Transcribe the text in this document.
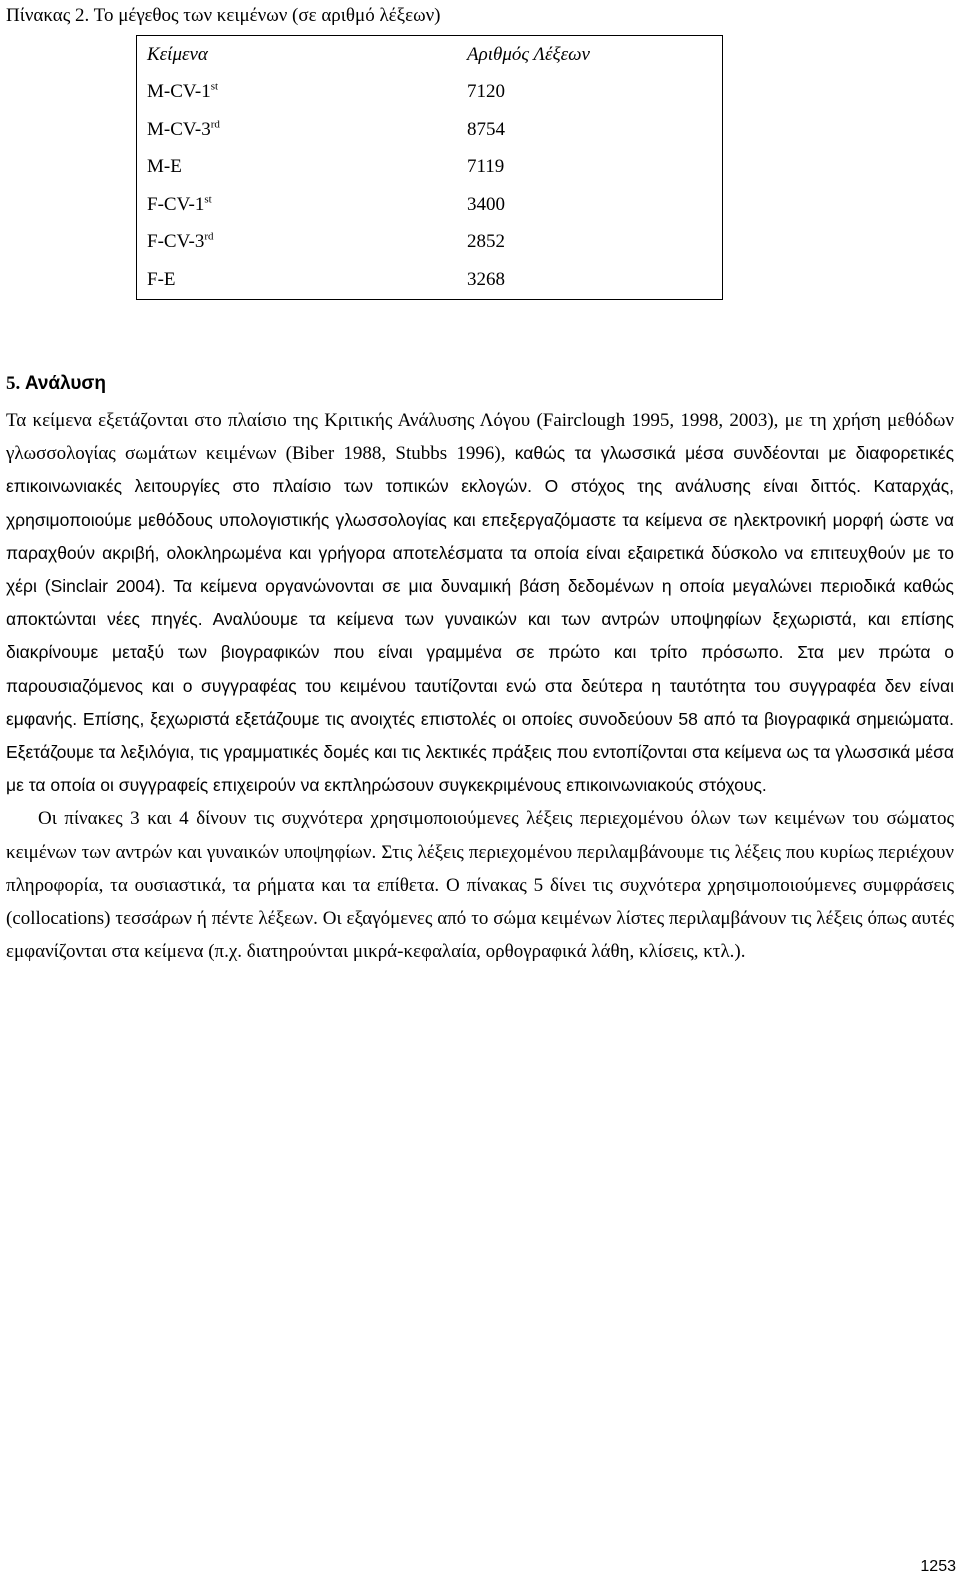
Πίνακας 2. Το μέγεθος των κειμένων (σε αριθμό λέξεων)
Κείμενα	Αριθμός Λέξεων
M-CV-1st	7120
M-CV-3rd	8754
M-E	7119
F-CV-1st	3400
F-CV-3rd	2852
F-E	3268
5. Ανάλυση

Τα κείμενα εξετάζονται στο πλαίσιο της Κριτικής Ανάλυσης Λόγου (Fairclough 1995, 1998, 2003), με τη χρήση μεθόδων γλωσσολογίας σωμάτων κειμένων (Biber 1988, Stubbs 1996), καθώς τα γλωσσικά μέσα συνδέονται με διαφορετικές επικοινωνιακές λειτουργίες στο πλαίσιο των τοπικών εκλογών. Ο στόχος της ανάλυσης είναι διττός. Καταρχάς, χρησιμοποιούμε μεθόδους υπολογιστικής γλωσσολογίας και επεξεργαζόμαστε τα κείμενα σε ηλεκτρονική μορφή ώστε να παραχθούν ακριβή, ολοκληρωμένα και γρήγορα αποτελέσματα τα οποία είναι εξαιρετικά δύσκολο να επιτευχθούν με το χέρι (Sinclair 2004). Τα κείμενα οργανώνονται σε μια δυναμική βάση δεδομένων η οποία μεγαλώνει περιοδικά καθώς αποκτώνται νέες πηγές. Αναλύουμε τα κείμενα των γυναικών και των αντρών υποψηφίων ξεχωριστά, και επίσης διακρίνουμε μεταξύ των βιογραφικών που είναι γραμμένα σε πρώτο και τρίτο πρόσωπο. Στα μεν πρώτα ο παρουσιαζόμενος και ο συγγραφέας του κειμένου ταυτίζονται ενώ στα δεύτερα η ταυτότητα του συγγραφέα δεν είναι εμφανής. Επίσης, ξεχωριστά εξετάζουμε τις ανοιχτές επιστολές οι οποίες συνοδεύουν 58 από τα βιογραφικά σημειώματα. Εξετάζουμε τα λεξιλόγια, τις γραμματικές δομές και τις λεκτικές πράξεις που εντοπίζονται στα κείμενα ως τα γλωσσικά μέσα με τα οποία οι συγγραφείς επιχειρούν να εκπληρώσουν συγκεκριμένους επικοινωνιακούς στόχους.

Οι πίνακες 3 και 4 δίνουν τις συχνότερα χρησιμοποιούμενες λέξεις περιεχομένου όλων των κειμένων του σώματος κειμένων των αντρών και γυναικών υποψηφίων. Στις λέξεις περιεχομένου περιλαμβάνουμε τις λέξεις που κυρίως περιέχουν πληροφορία, τα ουσιαστικά, τα ρήματα και τα επίθετα. Ο πίνακας 5 δίνει τις συχνότερα χρησιμοποιούμενες συμφράσεις (collocations) τεσσάρων ή πέντε λέξεων. Οι εξαγόμενες από το σώμα κειμένων λίστες περιλαμβάνουν τις λέξεις όπως αυτές εμφανίζονται στα κείμενα (π.χ. διατηρούνται μικρά-κεφαλαία, ορθογραφικά λάθη, κλίσεις, κτλ.).

1253
